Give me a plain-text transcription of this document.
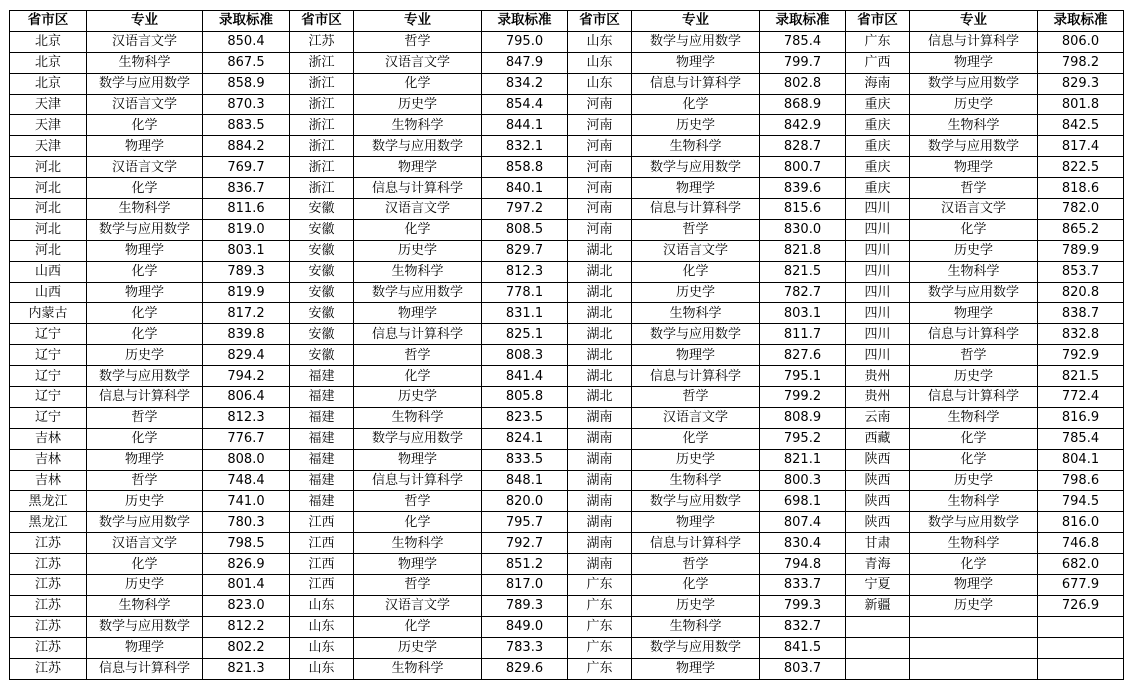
省市区	专业	录取标准	省市区	专业	录取标准	省市区	专业	录取标准	省市区	专业	录取标准
北京	汉语言文学	850.4	江苏	哲学	795.0	山东	数学与应用数学	785.4	广东	信息与计算科学	806.0
北京	生物科学	867.5	浙江	汉语言文学	847.9	山东	物理学	799.7	广西	物理学	798.2
北京	数学与应用数学	858.9	浙江	化学	834.2	山东	信息与计算科学	802.8	海南	数学与应用数学	829.3
天津	汉语言文学	870.3	浙江	历史学	854.4	河南	化学	868.9	重庆	历史学	801.8
天津	化学	883.5	浙江	生物科学	844.1	河南	历史学	842.9	重庆	生物科学	842.5
天津	物理学	884.2	浙江	数学与应用数学	832.1	河南	生物科学	828.7	重庆	数学与应用数学	817.4
河北	汉语言文学	769.7	浙江	物理学	858.8	河南	数学与应用数学	800.7	重庆	物理学	822.5
河北	化学	836.7	浙江	信息与计算科学	840.1	河南	物理学	839.6	重庆	哲学	818.6
河北	生物科学	811.6	安徽	汉语言文学	797.2	河南	信息与计算科学	815.6	四川	汉语言文学	782.0
河北	数学与应用数学	819.0	安徽	化学	808.5	河南	哲学	830.0	四川	化学	865.2
河北	物理学	803.1	安徽	历史学	829.7	湖北	汉语言文学	821.8	四川	历史学	789.9
山西	化学	789.3	安徽	生物科学	812.3	湖北	化学	821.5	四川	生物科学	853.7
山西	物理学	819.9	安徽	数学与应用数学	778.1	湖北	历史学	782.7	四川	数学与应用数学	820.8
内蒙古	化学	817.2	安徽	物理学	831.1	湖北	生物科学	803.1	四川	物理学	838.7
辽宁	化学	839.8	安徽	信息与计算科学	825.1	湖北	数学与应用数学	811.7	四川	信息与计算科学	832.8
辽宁	历史学	829.4	安徽	哲学	808.3	湖北	物理学	827.6	四川	哲学	792.9
辽宁	数学与应用数学	794.2	福建	化学	841.4	湖北	信息与计算科学	795.1	贵州	历史学	821.5
辽宁	信息与计算科学	806.4	福建	历史学	805.8	湖北	哲学	799.2	贵州	信息与计算科学	772.4
辽宁	哲学	812.3	福建	生物科学	823.5	湖南	汉语言文学	808.9	云南	生物科学	816.9
吉林	化学	776.7	福建	数学与应用数学	824.1	湖南	化学	795.2	西藏	化学	785.4
吉林	物理学	808.0	福建	物理学	833.5	湖南	历史学	821.1	陕西	化学	804.1
吉林	哲学	748.4	福建	信息与计算科学	848.1	湖南	生物科学	800.3	陕西	历史学	798.6
黑龙江	历史学	741.0	福建	哲学	820.0	湖南	数学与应用数学	698.1	陕西	生物科学	794.5
黑龙江	数学与应用数学	780.3	江西	化学	795.7	湖南	物理学	807.4	陕西	数学与应用数学	816.0
江苏	汉语言文学	798.5	江西	生物科学	792.7	湖南	信息与计算科学	830.4	甘肃	生物科学	746.8
江苏	化学	826.9	江西	物理学	851.2	湖南	哲学	794.8	青海	化学	682.0
江苏	历史学	801.4	江西	哲学	817.0	广东	化学	833.7	宁夏	物理学	677.9
江苏	生物科学	823.0	山东	汉语言文学	789.3	广东	历史学	799.3	新疆	历史学	726.9
江苏	数学与应用数学	812.2	山东	化学	849.0	广东	生物科学	832.7			
江苏	物理学	802.2	山东	历史学	783.3	广东	数学与应用数学	841.5			
江苏	信息与计算科学	821.3	山东	生物科学	829.6	广东	物理学	803.7			
